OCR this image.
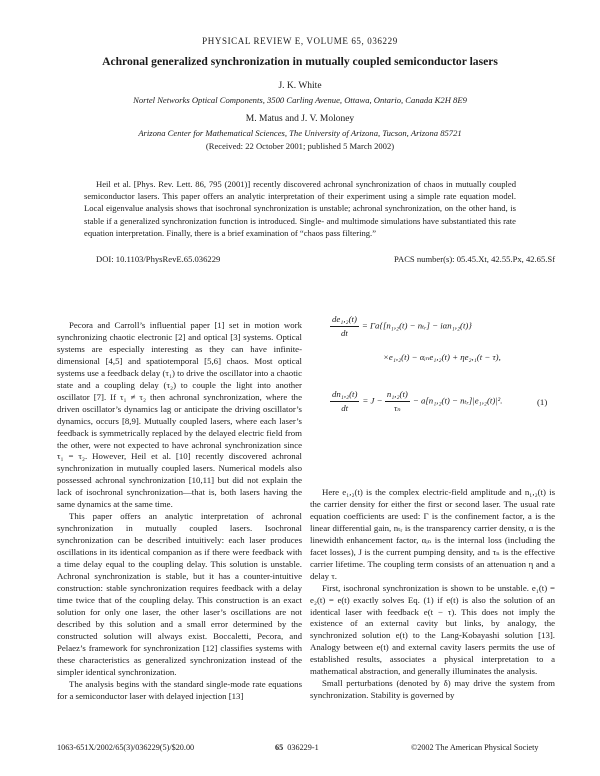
PHYSICAL REVIEW E, VOLUME 65, 036229
Achronal generalized synchronization in mutually coupled semiconductor lasers
J. K. White
Nortel Networks Optical Components, 3500 Carling Avenue, Ottawa, Ontario, Canada K2H 8E9
M. Matus and J. V. Moloney
Arizona Center for Mathematical Sciences, The University of Arizona, Tucson, Arizona 85721
(Received: 22 October 2001; published 5 March 2002)

Heil et al. [Phys. Rev. Lett. 86, 795 (2001)] recently discovered achronal synchronization of chaos in mutually coupled semiconductor lasers. This paper offers an analytic interpretation of their experiment using a simple rate equation model. Local eigenvalue analysis shows that isochronal synchronization is unstable; achronal synchronization, on the other hand, is stable if a generalized synchronization function is introduced. Single- and multimode simulations have substantiated this rate equation interpretation. Finally, there is a brief examination of “chaos pass filtering.”

DOI: 10.1103/PhysRevE.65.036229	PACS number(s): 05.45.Xt, 42.55.Px, 42.65.Sf

Pecora and Carroll’s influential paper [1] set in motion work synchronizing chaotic electronic [2] and optical [3] systems. Optical systems are especially interesting as they can have infinite-dimensional [4,5] and spatiotemporal [5,6] chaos. Most optical systems use a feedback delay (τ₁) to drive the oscillator into a chaotic state and a coupling delay (τ₂) to couple the light into another oscillator [7]. If τ₁ ≠ τ₂ then achronal synchronization, where the driven oscillator’s dynamics lag or anticipate the driving oscillator’s dynamics, occurs [8,9]. Mutually coupled lasers, where each laser’s feedback is symmetrically replaced by the delayed electric field from the other, were not expected to have achronal synchronization since τ₁ = τ₂. However, Heil et al. [10] recently discovered achronal synchronization in mutually coupled lasers. Numerical models also possessed achronal synchronization [10,11] but did not explain the lack of isochronal synchronization—that is, both lasers having the same dynamics at the same time.

This paper offers an analytic interpretation of achronal synchronization in mutually coupled lasers. Isochronal synchronization can be described intuitively: each laser produces oscillations in its identical companion as if there were feedback with a time delay equal to the coupling delay. This solution is unstable. Achronal synchronization is stable, but it has a counter-intuitive construction: stable synchronization requires feedback with a delay time twice that of the coupling delay. This construction is an exact solution for only one laser, the other laser’s oscillations are not described by this solution and a small error determined by the constructed solution will always exist. Boccaletti, Pecora, and Pelaez’s framework for synchronization [12] classifies systems with these characteristics as generalized synchronization instead of the simpler identical synchronization.

The analysis begins with the standard single-mode rate equations for a semiconductor laser with delayed injection [13]

$\frac{\text{de₁,₂(t)}}{dt} = \Gamma a\{[n_1,_2(t)$ − nₜᵣ] − iαn₁,₂(t)}
×e₁,₂(t) − αᵢₙe₁,₂(t) + ηe₂,₁(t − τ),
$\frac{\text{dn₁,₂(t)}}{dt} = J - \frac{\text{n₁,₂(t)}}{\text{τₙ}} - a[n_1,_2(t)$ − nₜᵣ]|e₁,₂(t)|².	(1)

Here e₁,₂(t) is the complex electric-field amplitude and n₁,₂(t) is the carrier density for either the first or second laser. The usual rate equation coefficients are used: Γ is the confinement factor, a is the linear differential gain, nₜᵣ is the transparency carrier density, α is the linewidth enhancement factor, αᵢₙ is the internal loss (including the facet losses), J is the current pumping density, and τₙ is the effective carrier lifetime. The coupling term consists of an attenuation η and a delay τ.

First, isochronal synchronization is shown to be unstable. e₁(t) = e₂(t) = e(t) exactly solves Eq. (1) if e(t) is also the solution of an identical laser with feedback e(t − τ). This does not imply the existence of an external cavity but links, by analogy, the synchronized solution e(t) to the Lang-Kobayashi solution [13]. Analogy between e(t) and external cavity lasers permits the use of established results, associates a physical interpretation to a mathematical abstraction, and generally illuminates the analysis.

Small perturbations (denoted by δ) may drive the system from synchronization. Stability is governed by

1063-651X/2002/65(3)/036229(5)/$20.00	65 036229-1	©2002 The American Physical Society
